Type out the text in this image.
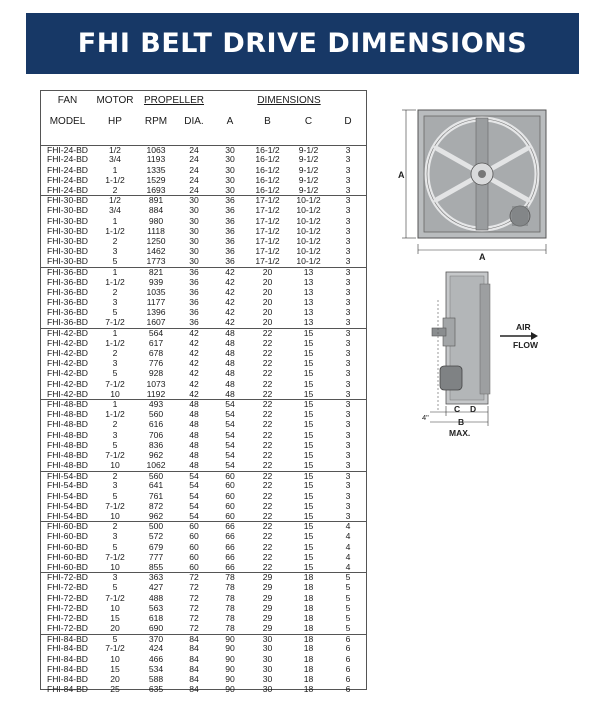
FHI BELT DRIVE DIMENSIONS
FAN	MOTOR	PROPELLER			DIMENSIONS		
MODEL	HP	RPM	DIA.	A	B	C	D

FHI-24-BD	1/2	1063	24	30	16-1/2	9-1/2	3
FHI-24-BD	3/4	1193	24	30	16-1/2	9-1/2	3
FHI-24-BD	1	1335	24	30	16-1/2	9-1/2	3
FHI-24-BD	1-1/2	1529	24	30	16-1/2	9-1/2	3
FHI-24-BD	2	1693	24	30	16-1/2	9-1/2	3
FHI-30-BD	1/2	891	30	36	17-1/2	10-1/2	3
FHI-30-BD	3/4	884	30	36	17-1/2	10-1/2	3
FHI-30-BD	1	980	30	36	17-1/2	10-1/2	3
FHI-30-BD	1-1/2	1118	30	36	17-1/2	10-1/2	3
FHI-30-BD	2	1250	30	36	17-1/2	10-1/2	3
FHI-30-BD	3	1462	30	36	17-1/2	10-1/2	3
FHI-30-BD	5	1773	30	36	17-1/2	10-1/2	3
FHI-36-BD	1	821	36	42	20	13	3
FHI-36-BD	1-1/2	939	36	42	20	13	3
FHI-36-BD	2	1035	36	42	20	13	3
FHI-36-BD	3	1177	36	42	20	13	3
FHI-36-BD	5	1396	36	42	20	13	3
FHI-36-BD	7-1/2	1607	36	42	20	13	3
FHI-42-BD	1	564	42	48	22	15	3
FHI-42-BD	1-1/2	617	42	48	22	15	3
FHI-42-BD	2	678	42	48	22	15	3
FHI-42-BD	3	776	42	48	22	15	3
FHI-42-BD	5	928	42	48	22	15	3
FHI-42-BD	7-1/2	1073	42	48	22	15	3
FHI-42-BD	10	1192	42	48	22	15	3
FHI-48-BD	1	493	48	54	22	15	3
FHI-48-BD	1-1/2	560	48	54	22	15	3
FHI-48-BD	2	616	48	54	22	15	3
FHI-48-BD	3	706	48	54	22	15	3
FHI-48-BD	5	836	48	54	22	15	3
FHI-48-BD	7-1/2	962	48	54	22	15	3
FHI-48-BD	10	1062	48	54	22	15	3
FHI-54-BD	2	560	54	60	22	15	3
FHI-54-BD	3	641	54	60	22	15	3
FHI-54-BD	5	761	54	60	22	15	3
FHI-54-BD	7-1/2	872	54	60	22	15	3
FHI-54-BD	10	962	54	60	22	15	3
FHI-60-BD	2	500	60	66	22	15	4
FHI-60-BD	3	572	60	66	22	15	4
FHI-60-BD	5	679	60	66	22	15	4
FHI-60-BD	7-1/2	777	60	66	22	15	4
FHI-60-BD	10	855	60	66	22	15	4
FHI-72-BD	3	363	72	78	29	18	5
FHI-72-BD	5	427	72	78	29	18	5
FHI-72-BD	7-1/2	488	72	78	29	18	5
FHI-72-BD	10	563	72	78	29	18	5
FHI-72-BD	15	618	72	78	29	18	5
FHI-72-BD	20	690	72	78	29	18	5
FHI-84-BD	5	370	84	90	30	18	6
FHI-84-BD	7-1/2	424	84	90	30	18	6
FHI-84-BD	10	466	84	90	30	18	6
FHI-84-BD	15	534	84	90	30	18	6
FHI-84-BD	20	588	84	90	30	18	6
FHI-84-BD	25	635	84	90	30	18	6
A
A
AIR
FLOW
4"
C D
B
MAX.
